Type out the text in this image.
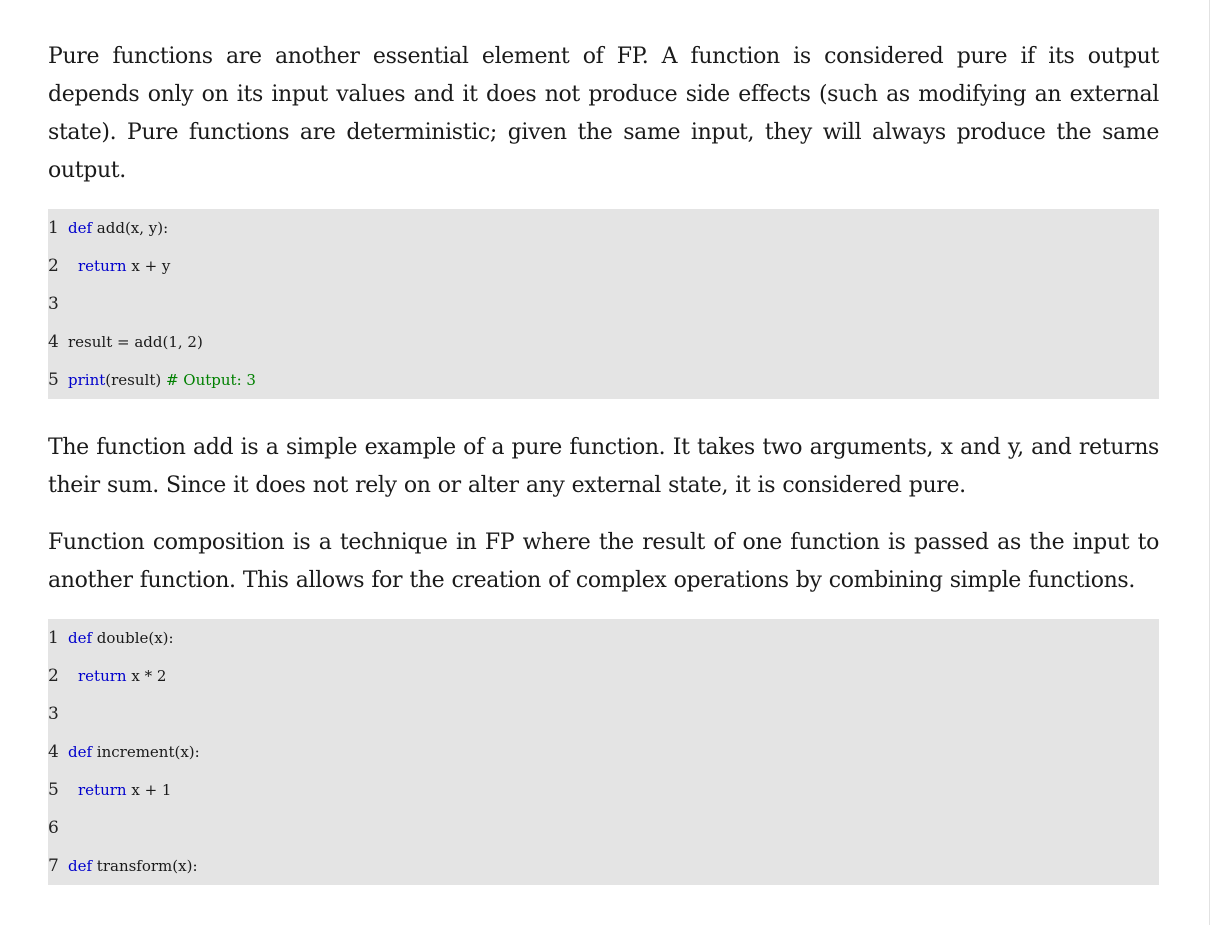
Pure functions are another essential element of FP. A function is considered pure if its output depends only on its input values and it does not produce side effects (such as modifying an external state). Pure functions are deterministic; given the same input, they will always produce the same output.

1 def add(x, y):
2	return x + y
3
4 result = add(1, 2)
5 print(result) # Output: 3

The function add is a simple example of a pure function. It takes two arguments, x and y, and returns their sum. Since it does not rely on or alter any external state, it is considered pure.

Function composition is a technique in FP where the result of one function is passed as the input to another function. This allows for the creation of complex operations by combining simple functions.

1 def double(x):
2	return x * 2
3
4 def increment(x):
5	return x + 1
6
7 def transform(x):
